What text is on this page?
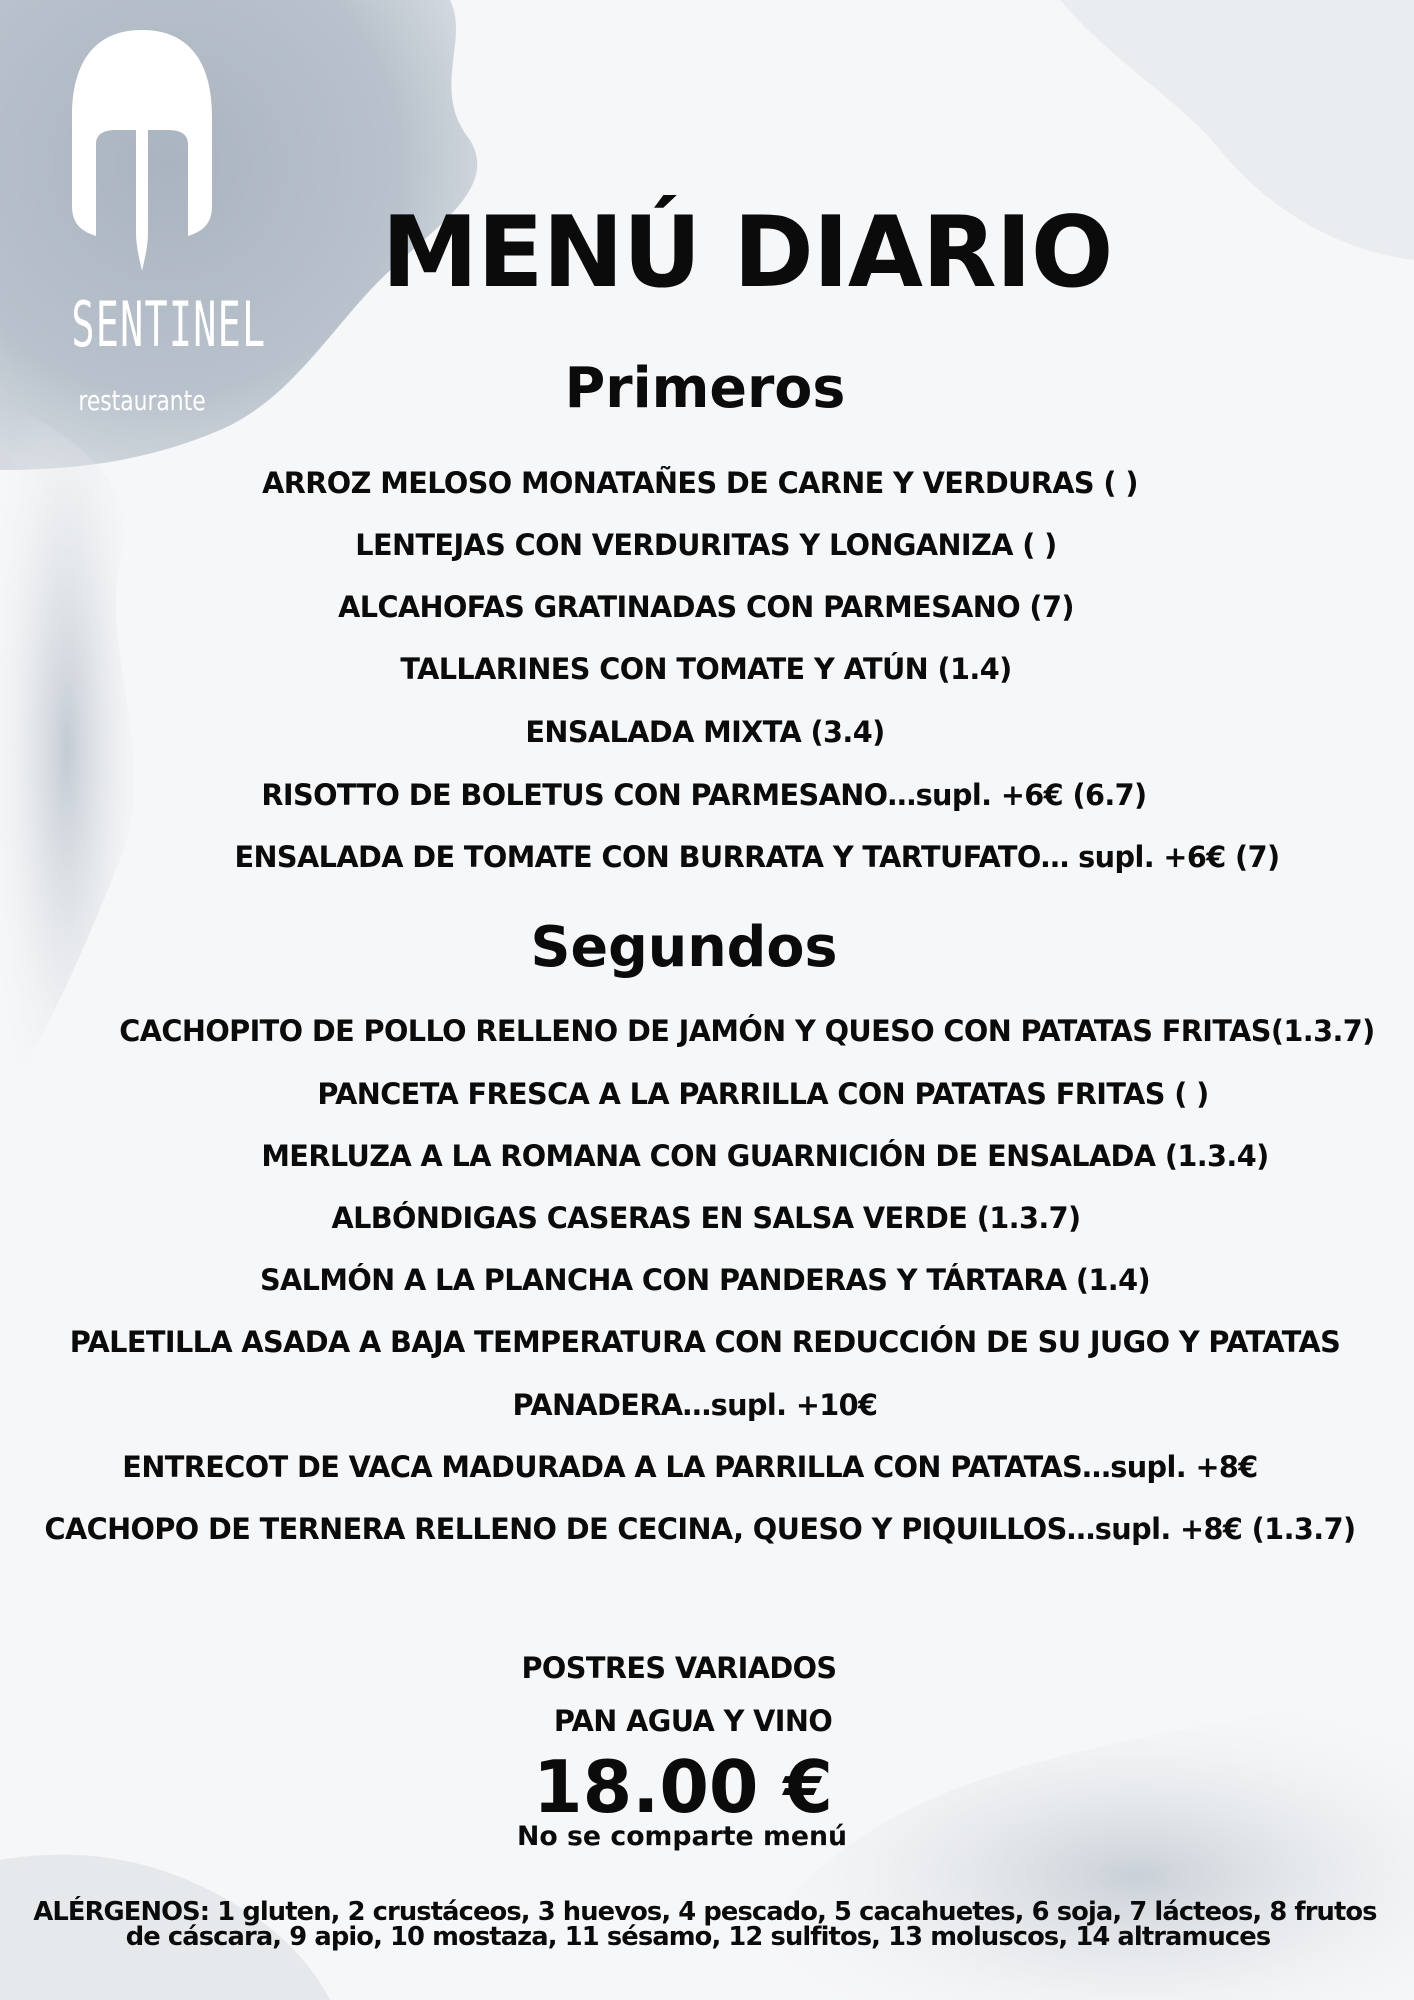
SENTINEL
restaurante
MENÚ DIARIO
Primeros
ARROZ MELOSO MONATAÑES DE CARNE Y VERDURAS ( )
LENTEJAS CON VERDURITAS Y LONGANIZA ( )
ALCAHOFAS GRATINADAS CON PARMESANO (7)
TALLARINES CON TOMATE Y ATÚN (1.4)
ENSALADA MIXTA (3.4)
RISOTTO DE BOLETUS CON PARMESANO…supl. +6€ (6.7)
ENSALADA DE TOMATE CON BURRATA Y TARTUFATO… supl. +6€ (7)
Segundos
CACHOPITO DE POLLO RELLENO DE JAMÓN Y QUESO CON PATATAS FRITAS(1.3.7)
PANCETA FRESCA A LA PARRILLA CON PATATAS FRITAS ( )
MERLUZA A LA ROMANA CON GUARNICIÓN DE ENSALADA (1.3.4)
ALBÓNDIGAS CASERAS EN SALSA VERDE (1.3.7)
SALMÓN A LA PLANCHA CON PANDERAS Y TÁRTARA (1.4)
PALETILLA ASADA A BAJA TEMPERATURA CON REDUCCIÓN DE SU JUGO Y PATATAS
PANADERA…supl. +10€
ENTRECOT DE VACA MADURADA A LA PARRILLA CON PATATAS…supl. +8€
CACHOPO DE TERNERA RELLENO DE CECINA, QUESO Y PIQUILLOS…supl. +8€ (1.3.7)
POSTRES VARIADOS
PAN AGUA Y VINO
18.00 €
No se comparte menú
ALÉRGENOS: 1 gluten, 2 crustáceos, 3 huevos, 4 pescado, 5 cacahuetes, 6 soja, 7 lácteos, 8 frutos
de cáscara, 9 apio, 10 mostaza, 11 sésamo, 12 sulfitos, 13 moluscos, 14 altramuces
